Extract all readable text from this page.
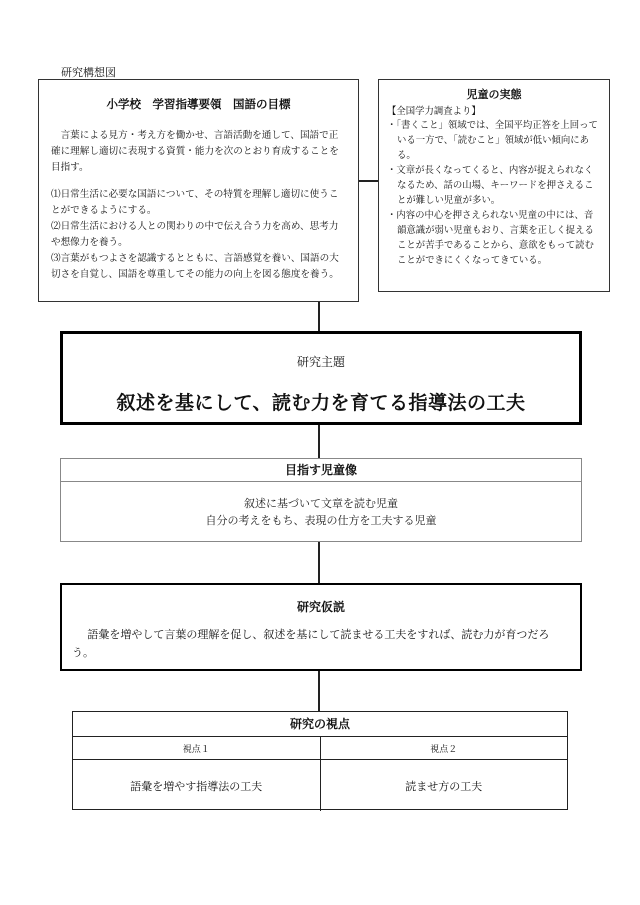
研究構想図
小学校　学習指導要領　国語の目標
言葉による見方・考え方を働かせ、言語活動を通して、国語で正確に理解し適切に表現する資質・能力を次のとおり育成することを目指す。
⑴日常生活に必要な国語について、その特質を理解し適切に使うことができるようにする。
⑵日常生活における人との関わりの中で伝え合う力を高め、思考力や想像力を養う。
⑶言葉がもつよさを認識するとともに、言語感覚を養い、国語の大切さを自覚し、国語を尊重してその能力の向上を図る態度を養う。
児童の実態
【全国学力調査より】
・「書くこと」領域では、全国平均正答を上回っている一方で、「読むこと」領域が低い傾向にある。
・文章が長くなってくると、内容が捉えられなくなるため、話の山場、キーワードを押さえることが難しい児童が多い。
・内容の中心を押さえられない児童の中には、音韻意識が弱い児童もおり、言葉を正しく捉えることが苦手であることから、意欲をもって読むことができにくくなってきている。
研究主題
叙述を基にして、読む力を育てる指導法の工夫
目指す児童像
叙述に基づいて文章を読む児童
自分の考えをもち、表現の仕方を工夫する児童
研究仮説
語彙を増やして言葉の理解を促し、叙述を基にして読ませる工夫をすれば、読む力が育つだろう。
研究の視点
視点１	視点２
語彙を増やす指導法の工夫	読ませ方の工夫
